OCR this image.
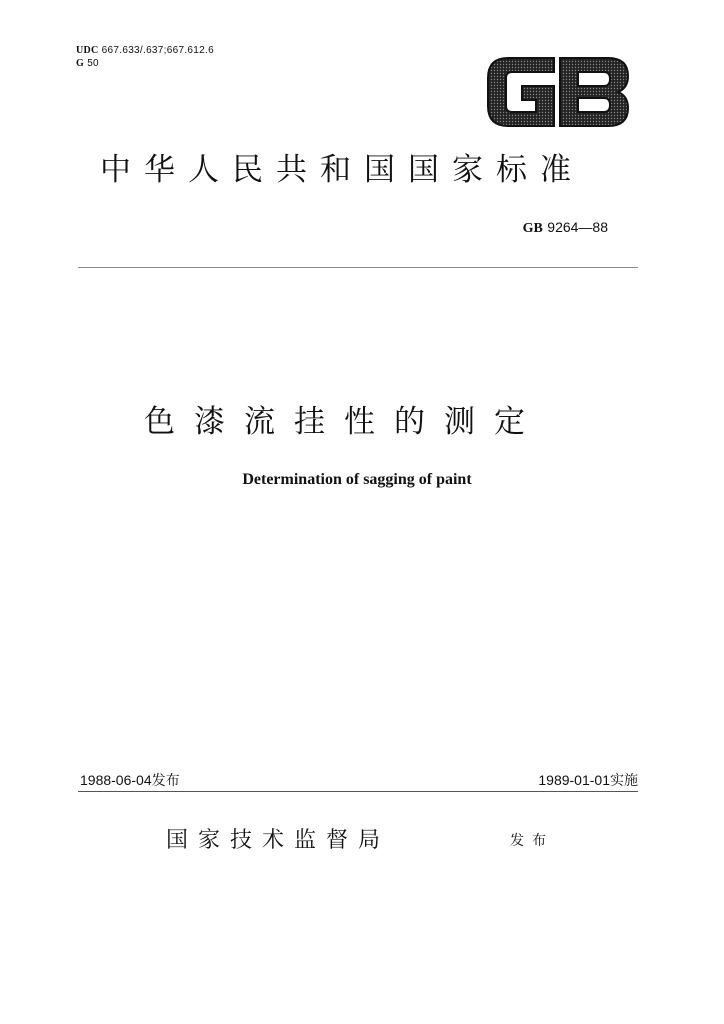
UDC 667.633/.637;667.612.6
G 50
中华人民共和国国家标准
GB 9264—88
色漆流挂性的测定
Determination of sagging of paint
1988-06-04发布	1989-01-01实施
国家技术监督局	发布
